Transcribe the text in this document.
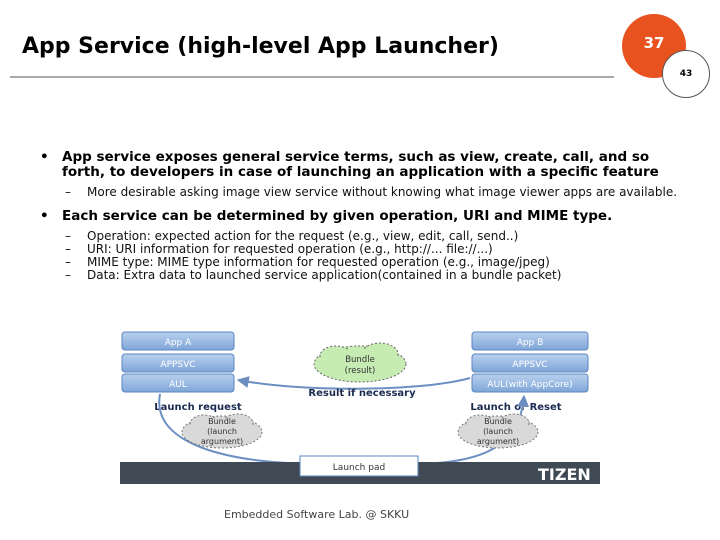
App Service (high-level App Launcher)	37
43
• App service exposes general service terms, such as view, create, call, and so forth, to developers in case of launching an application with a specific feature
– More desirable asking image view service without knowing what image viewer apps are available.
• Each service can be determined by given operation, URI and MIME type.
– Operation: expected action for the request (e.g., view, edit, call, send..)
– URI: URI information for requested operation (e.g., http://... file://...)
– MIME type: MIME type information for requested operation (e.g., image/jpeg)
– Data: Extra data to launched service application(contained in a bundle packet)
App A
APPSVC
AUL
App B
APPSVC
AUL(with AppCore)
Bundle
(result)
Result if necessary
Launch request	Launch or Reset
Bundle
(launch
argument)
Bundle
(launch
argument)
Launch pad	TIZEN
Embedded Software Lab. @ SKKU
